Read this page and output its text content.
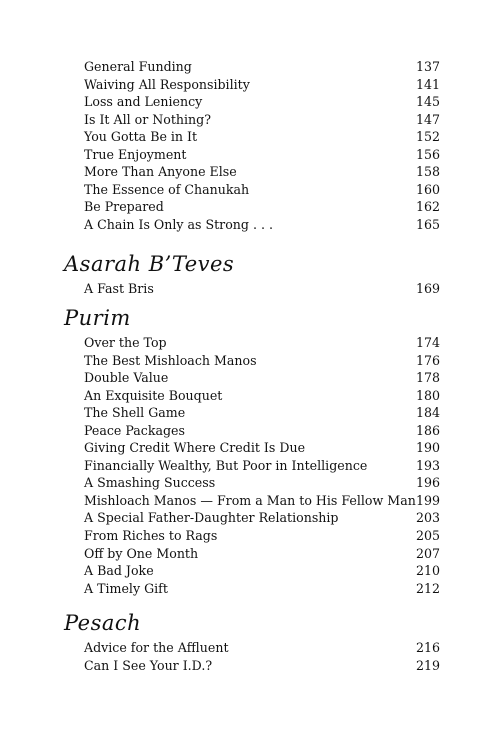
General Funding	137
Waiving All Responsibility	141
Loss and Leniency	145
Is It All or Nothing?	147
You Gotta Be in It	152
True Enjoyment	156
More Than Anyone Else	158
The Essence of Chanukah	160
Be Prepared	162
A Chain Is Only as Strong . . .	165
Asarah B’Teves
A Fast Bris	169
Purim
Over the Top	174
The Best Mishloach Manos	176
Double Value	178
An Exquisite Bouquet	180
The Shell Game	184
Peace Packages	186
Giving Credit Where Credit Is Due	190
Financially Wealthy, But Poor in Intelligence	193
A Smashing Success	196
Mishloach Manos — From a Man to His Fellow Man 199
A Special Father-Daughter Relationship	203
From Riches to Rags	205
Off by One Month	207
A Bad Joke	210
A Timely Gift	212
Pesach
Advice for the Affluent	216
Can I See Your I.D.?	219
